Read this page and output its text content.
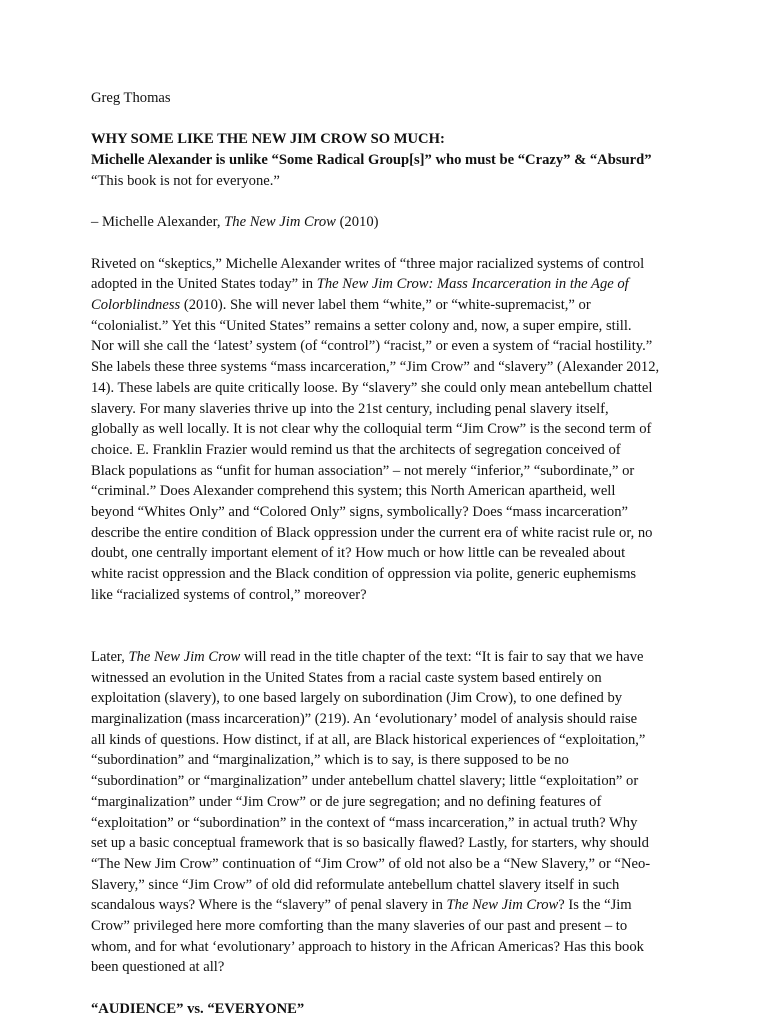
Greg Thomas
WHY SOME LIKE THE NEW JIM CROW SO MUCH:
Michelle Alexander is unlike “Some Radical Group[s]” who must be “Crazy” & “Absurd”
“This book is not for everyone.”
– Michelle Alexander, The New Jim Crow (2010)
Riveted on “skeptics,” Michelle Alexander writes of “three major racialized systems of control
adopted in the United States today” in The New Jim Crow: Mass Incarceration in the Age of
Colorblindness (2010). She will never label them “white,” or “white-supremacist,” or
“colonialist.” Yet this “United States” remains a setter colony and, now, a super empire, still.
Nor will she call the ‘latest’ system (of “control”) “racist,” or even a system of “racial hostility.”
She labels these three systems “mass incarceration,” “Jim Crow” and “slavery” (Alexander 2012,
14). These labels are quite critically loose. By “slavery” she could only mean antebellum chattel
slavery. For many slaveries thrive up into the 21st century, including penal slavery itself,
globally as well locally. It is not clear why the colloquial term “Jim Crow” is the second term of
choice. E. Franklin Frazier would remind us that the architects of segregation conceived of
Black populations as “unfit for human association” – not merely “inferior,” “subordinate,” or
“criminal.” Does Alexander comprehend this system; this North American apartheid, well
beyond “Whites Only” and “Colored Only” signs, symbolically? Does “mass incarceration”
describe the entire condition of Black oppression under the current era of white racist rule or, no
doubt, one centrally important element of it? How much or how little can be revealed about
white racist oppression and the Black condition of oppression via polite, generic euphemisms
like “racialized systems of control,” moreover?
Later, The New Jim Crow will read in the title chapter of the text: “It is fair to say that we have
witnessed an evolution in the United States from a racial caste system based entirely on
exploitation (slavery), to one based largely on subordination (Jim Crow), to one defined by
marginalization (mass incarceration)” (219). An ‘evolutionary’ model of analysis should raise
all kinds of questions. How distinct, if at all, are Black historical experiences of “exploitation,”
“subordination” and “marginalization,” which is to say, is there supposed to be no
“subordination” or “marginalization” under antebellum chattel slavery; little “exploitation” or
“marginalization” under “Jim Crow” or de jure segregation; and no defining features of
“exploitation” or “subordination” in the context of “mass incarceration,” in actual truth? Why
set up a basic conceptual framework that is so basically flawed? Lastly, for starters, why should
“The New Jim Crow” continuation of “Jim Crow” of old not also be a “New Slavery,” or “Neo-
Slavery,” since “Jim Crow” of old did reformulate antebellum chattel slavery itself in such
scandalous ways? Where is the “slavery” of penal slavery in The New Jim Crow? Is the “Jim
Crow” privileged here more comforting than the many slaveries of our past and present – to
whom, and for what ‘evolutionary’ approach to history in the African Americas? Has this book
been questioned at all?
“AUDIENCE” vs. “EVERYONE”
